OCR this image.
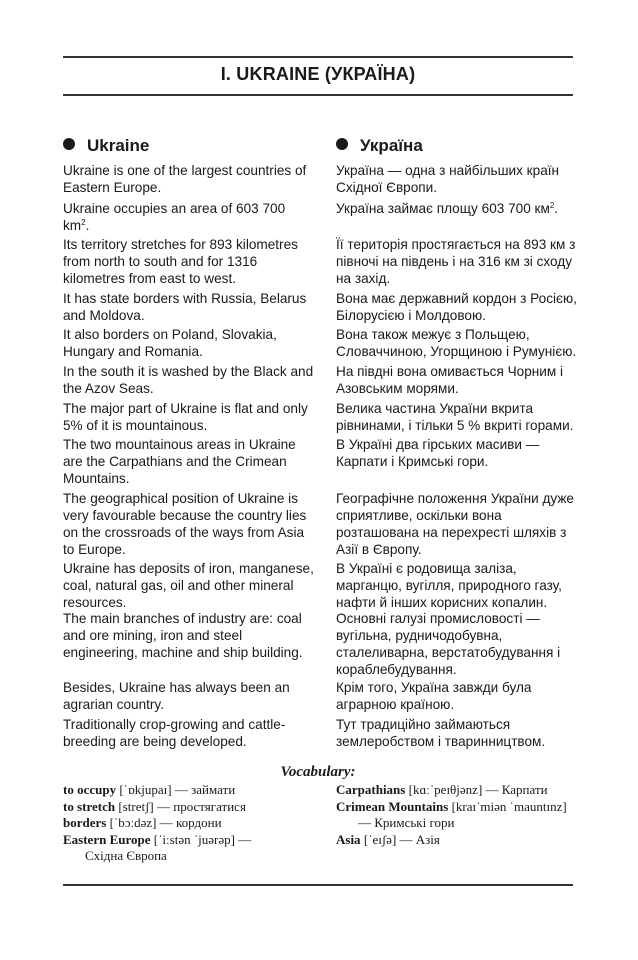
I. UKRAINE (УКРАЇНА)
Ukraine	Україна

Ukraine is one of the largest countries of Eastern Europe.

Ukraine occupies an area of 603 700 $km^2$.

Its territory stretches for 893 kilometres from north to south and for 1316 kilometres from east to west.

It has state borders with Russia, Belarus and Moldova.

It also borders on Poland, Slovakia, Hungary and Romania.

In the south it is washed by the Black and the Azov Seas.

The major part of Ukraine is flat and only 5% of it is mountainous.

The two mountainous areas in Ukraine are the Carpathians and the Crimean Mountains.

The geographical position of Ukraine is very favourable because the country lies on the crossroads of the ways from Asia to Europe.

Ukraine has deposits of iron, manganese, coal, natural gas, oil and other mineral resources.

The main branches of industry are: coal and ore mining, iron and steel engineering, machine and ship building.

Besides, Ukraine has always been an agrarian country.

Traditionally crop-growing and cattle-breeding are being developed.

Україна — одна з найбільших країн Східної Європи.

Україна займає площу 603 700 $км^2$.

Її територія простягається на 893 км з півночі на південь і на 316 км зі сходу на захід.

Вона має державний кордон з Росією, Білорусією і Молдовою.

Вона також межує з Польщею, Словаччиною, Угорщиною і Румунією.

На півдні вона омивається Чорним і Азовським морями.

Велика частина України вкрита рівнинами, і тільки 5 % вкриті горами.

В Україні два гірських масиви — Карпати і Кримські гори.

Географічне положення України дуже сприятливе, оскільки вона розташована на перехресті шляхів з Азії в Європу.

В Україні є родовища заліза, марганцю, вугілля, природного газу, нафти й інших корисних копалин.

Основні галузі промисловості — вугільна, рудничодобувна, сталеливарна, верстатобудування і кораблебудування.

Крім того, Україна завжди була аграрною країною.

Тут традиційно займаються землеробством і тваринництвом.

Vocabulary:
to occupy [ˈɒkjupaɪ] — займати
to stretch [stretʃ] — простягатися
borders [ˈbɔːdəz] — кордони
Eastern Europe [ˈiːstən ˈjuərəp] —
Східна Європа
Carpathians [kɑːˈpeɪθjənz] — Карпати
Crimean Mountains [kraɪˈmiən ˈmauntɪnz]
— Кримські гори
Asia [ˈeɪʃə] — Азія
